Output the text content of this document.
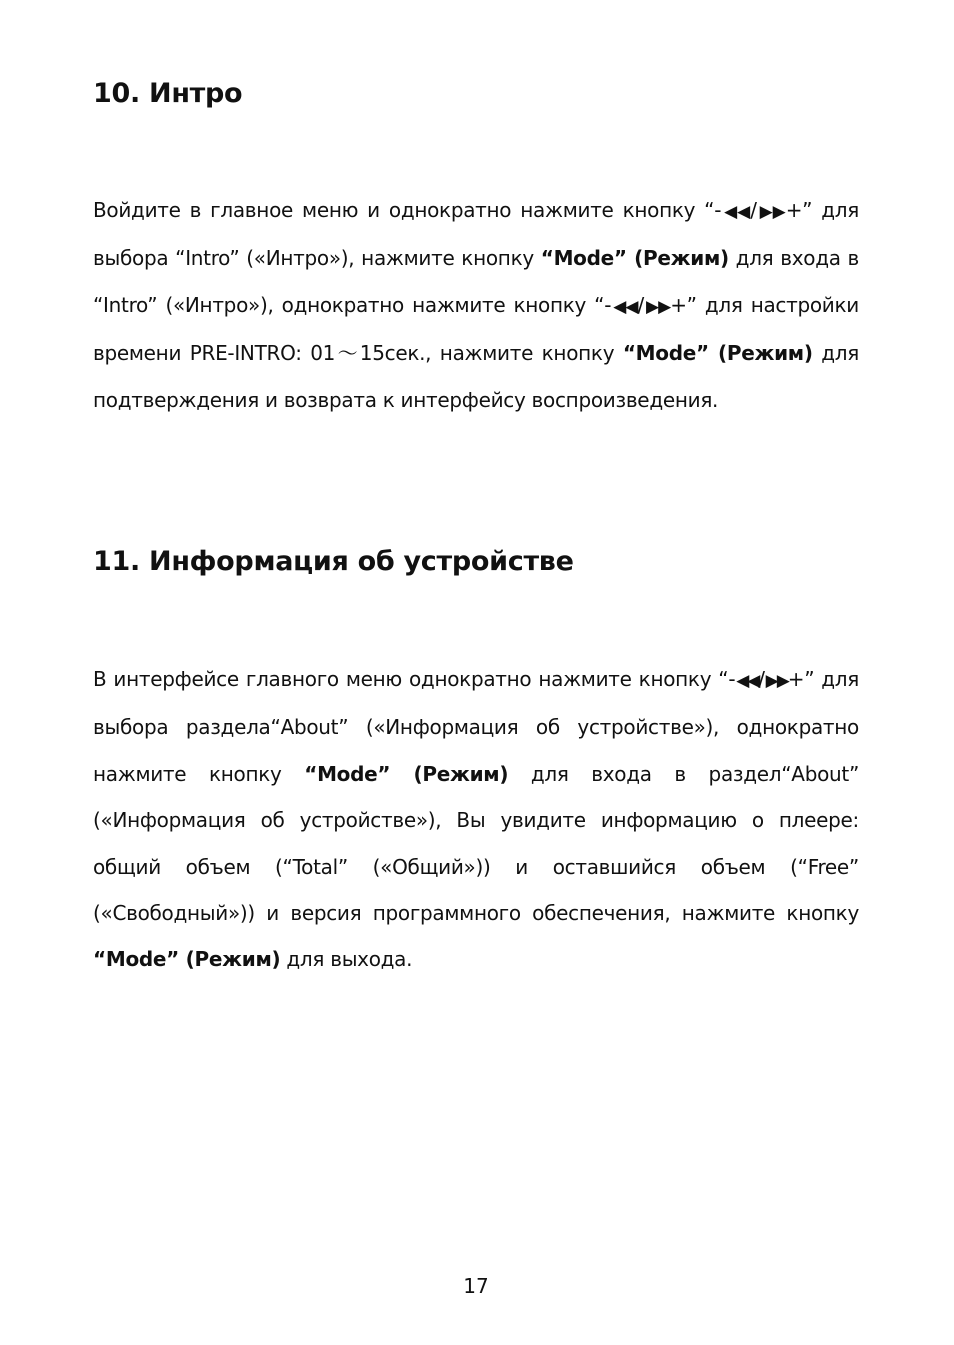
10. Интро

Войдите в главное меню и однократно нажмите кнопку “-◀◀/▶▶+” для выбора “Intro” («Интро»), нажмите кнопку “Mode” (Режим) для входа в “Intro” («Интро»), однократно нажмите кнопку “-◀◀/▶▶+” для настройки времени PRE-INTRO: 01～15сек., нажмите кнопку “Mode” (Режим) для подтверждения и возврата к интерфейсу воспроизведения.

11. Информация об устройстве

В интерфейсе главного меню однократно нажмите кнопку “-◀◀/▶▶+” для выбора раздела“About” («Информация об устройстве»), однократно нажмите кнопку “Mode” (Режим) для входа в раздел“About” («Информация об устройстве»), Вы увидите информацию о плеере: общий объем (“Total” («Общий»)) и оставшийся объем (“Free” («Свободный»)) и версия программного обеспечения, нажмите кнопку “Mode” (Режим) для выхода.

17
